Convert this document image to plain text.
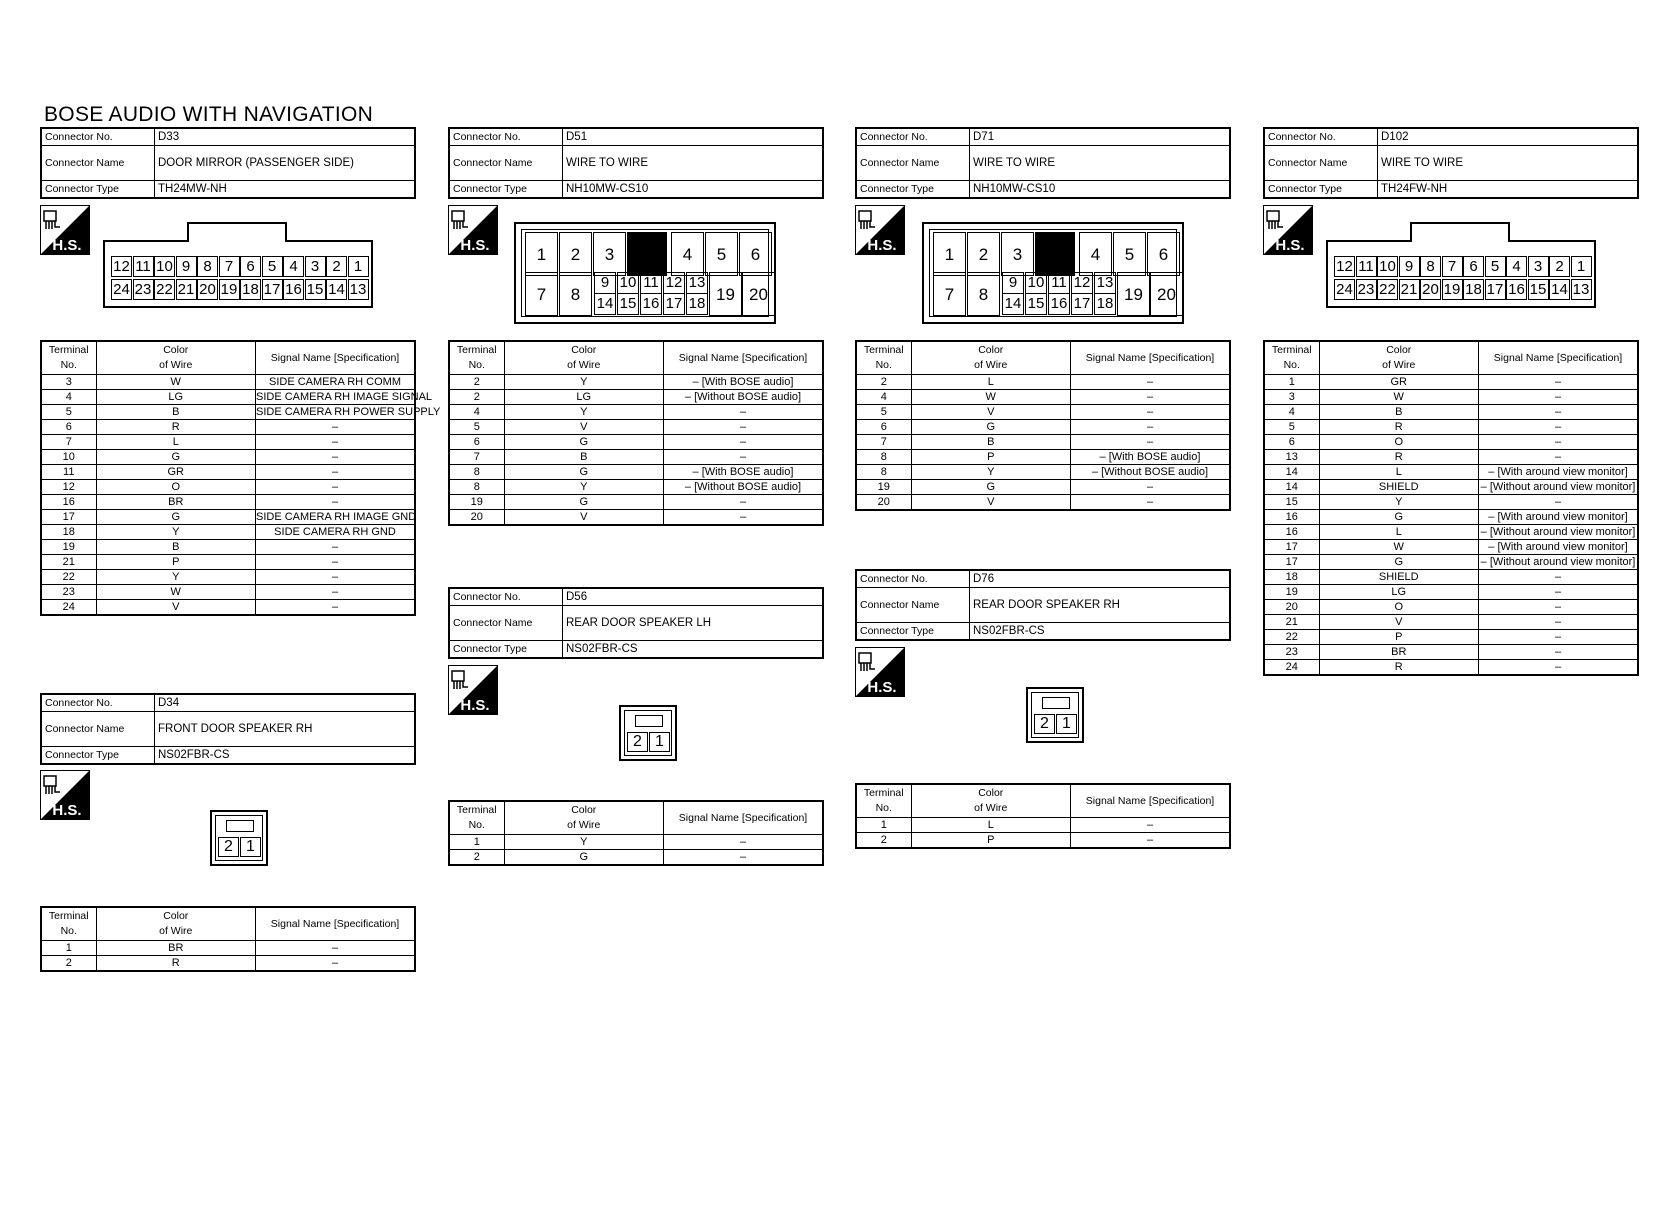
BOSE AUDIO WITH NAVIGATION
Connector No.	D33
Connector Name	DOOR MIRROR (PASSENGER SIDE)
Connector Type	TH24MW-NH
Connector No.	D51
Connector Name	WIRE TO WIRE
Connector Type	NH10MW-CS10
Connector No.	D71
Connector Name	WIRE TO WIRE
Connector Type	NH10MW-CS10
Connector No.	D102
Connector Name	WIRE TO WIRE
Connector Type	TH24FW-NH
Connector No.	D34
Connector Name	FRONT DOOR SPEAKER RH
Connector Type	NS02FBR-CS
Connector No.	D56
Connector Name	REAR DOOR SPEAKER LH
Connector Type	NS02FBR-CS
Connector No.	D76
Connector Name	REAR DOOR SPEAKER RH
Connector Type	NS02FBR-CS
H.S.	H.S.	H.S.	H.S.
H.S.
H.S.
H.S.
12 11 10 9 8 7 6 5 4 3 2 1
24 23 22 21 20 19 18 17 16 15 14 13
12 11 10 9 8 7 6 5 4 3 2 1
24 23 22 21 20 19 18 17 16 15 14 13
1	2	3	4	5	6
7	8
9 10 11 12 13
14 15 16 17 18 19 20
1	2	3	4	5	6
7	8
9 10 11 12 13
14 15 16 17 18 19 20
2 1
2 1
2 1
Terminal
No.	Color
of Wire	Signal Name [Specification]
3	W	SIDE CAMERA RH COMM
4	LG	SIDE CAMERA RH IMAGE SIGNAL
5	B	SIDE CAMERA RH POWER SUPPLY
6	R	–
7	L	–
10	G	–
11	GR	–
12	O	–
16	BR	–
17	G	SIDE CAMERA RH IMAGE GND
18	Y	SIDE CAMERA RH GND
19	B	–
21	P	–
22	Y	–
23	W	–
24	V	–
Terminal
No.	Color
of Wire	Signal Name [Specification]
2	Y	– [With BOSE audio]
2	LG	– [Without BOSE audio]
4	Y	–
5	V	–
6	G	–
7	B	–
8	G	– [With BOSE audio]
8	Y	– [Without BOSE audio]
19	G	–
20	V	–
Terminal
No.	Color
of Wire	Signal Name [Specification]
2	L	–
4	W	–
5	V	–
6	G	–
7	B	–
8	P	– [With BOSE audio]
8	Y	– [Without BOSE audio]
19	G	–
20	V	–
Terminal
No.	Color
of Wire	Signal Name [Specification]
1	GR	–
3	W	–
4	B	–
5	R	–
6	O	–
13	R	–
14	L	– [With around view monitor]
14	SHIELD	– [Without around view monitor]
15	Y	–
16	G	– [With around view monitor]
16	L	– [Without around view monitor]
17	W	– [With around view monitor]
17	G	– [Without around view monitor]
18	SHIELD	–
19	LG	–
20	O	–
21	V	–
22	P	–
23	BR	–
24	R	–
Terminal
No.	Color
of Wire	Signal Name [Specification]
1	BR	–
2	R	–
Terminal
No.	Color
of Wire	Signal Name [Specification]
1	Y	–
2	G	–
Terminal
No.	Color
of Wire	Signal Name [Specification]
1	L	–
2	P	–
